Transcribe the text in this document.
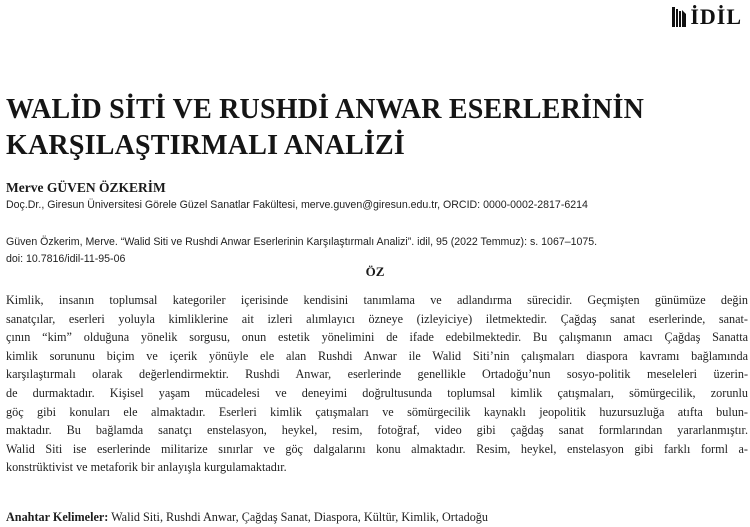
İDİL
WALİD SİTİ VE RUSHDİ ANWAR ESERLERİNİN
KARŞILAŞTIRMALI ANALİZİ
Merve GÜVEN ÖZKERİM
Doç.Dr., Giresun Üniversitesi Görele Güzel Sanatlar Fakültesi, merve.guven@giresun.edu.tr, ORCID: 0000-0002-2817-6214
Güven Özkerim, Merve. “Walid Siti ve Rushdi Anwar Eserlerinin Karşılaştırmalı Analizi”. idil, 95 (2022 Temmuz): s. 1067–1075.
doi: 10.7816/idil-11-95-06
ÖZ
Kimlik, insanın toplumsal kategoriler içerisinde kendisini tanımlama ve adlandırma sürecidir. Geçmişten günümüze değin
sanatçılar, eserleri yoluyla kimliklerine ait izleri alımlayıcı özneye (izleyiciye) iletmektedir. Çağdaş sanat eserlerinde, sanat-
çının “kim” olduğuna yönelik sorgusu, onun estetik yönelimini de ifade edebilmektedir. Bu çalışmanın amacı Çağdaş Sanatta
kimlik sorununu biçim ve içerik yönüyle ele alan Rushdi Anwar ile Walid Siti’nin çalışmaları diaspora kavramı bağlamında
karşılaştırmalı olarak değerlendirmektir. Rushdi Anwar, eserlerinde genellikle Ortadoğu’nun sosyo-politik meseleleri üzerin-
de durmaktadır. Kişisel yaşam mücadelesi ve deneyimi doğrultusunda toplumsal kimlik çatışmaları, sömürgecilik, zorunlu
göç gibi konuları ele almaktadır. Eserleri kimlik çatışmaları ve sömürgecilik kaynaklı jeopolitik huzursuzluğa atıfta bulun-
maktadır. Bu bağlamda sanatçı enstelasyon, heykel, resim, fotoğraf, video gibi çağdaş sanat formlarından yararlanmıştır.
Walid Siti ise eserlerinde militarize sınırlar ve göç dalgalarını konu almaktadır. Resim, heykel, enstelasyon gibi farklı forml a-
konstrüktivist ve metaforik bir anlayışla kurgulamaktadır.
Anahtar Kelimeler: Walid Siti, Rushdi Anwar, Çağdaş Sanat, Diaspora, Kültür, Kimlik, Ortadoğu
